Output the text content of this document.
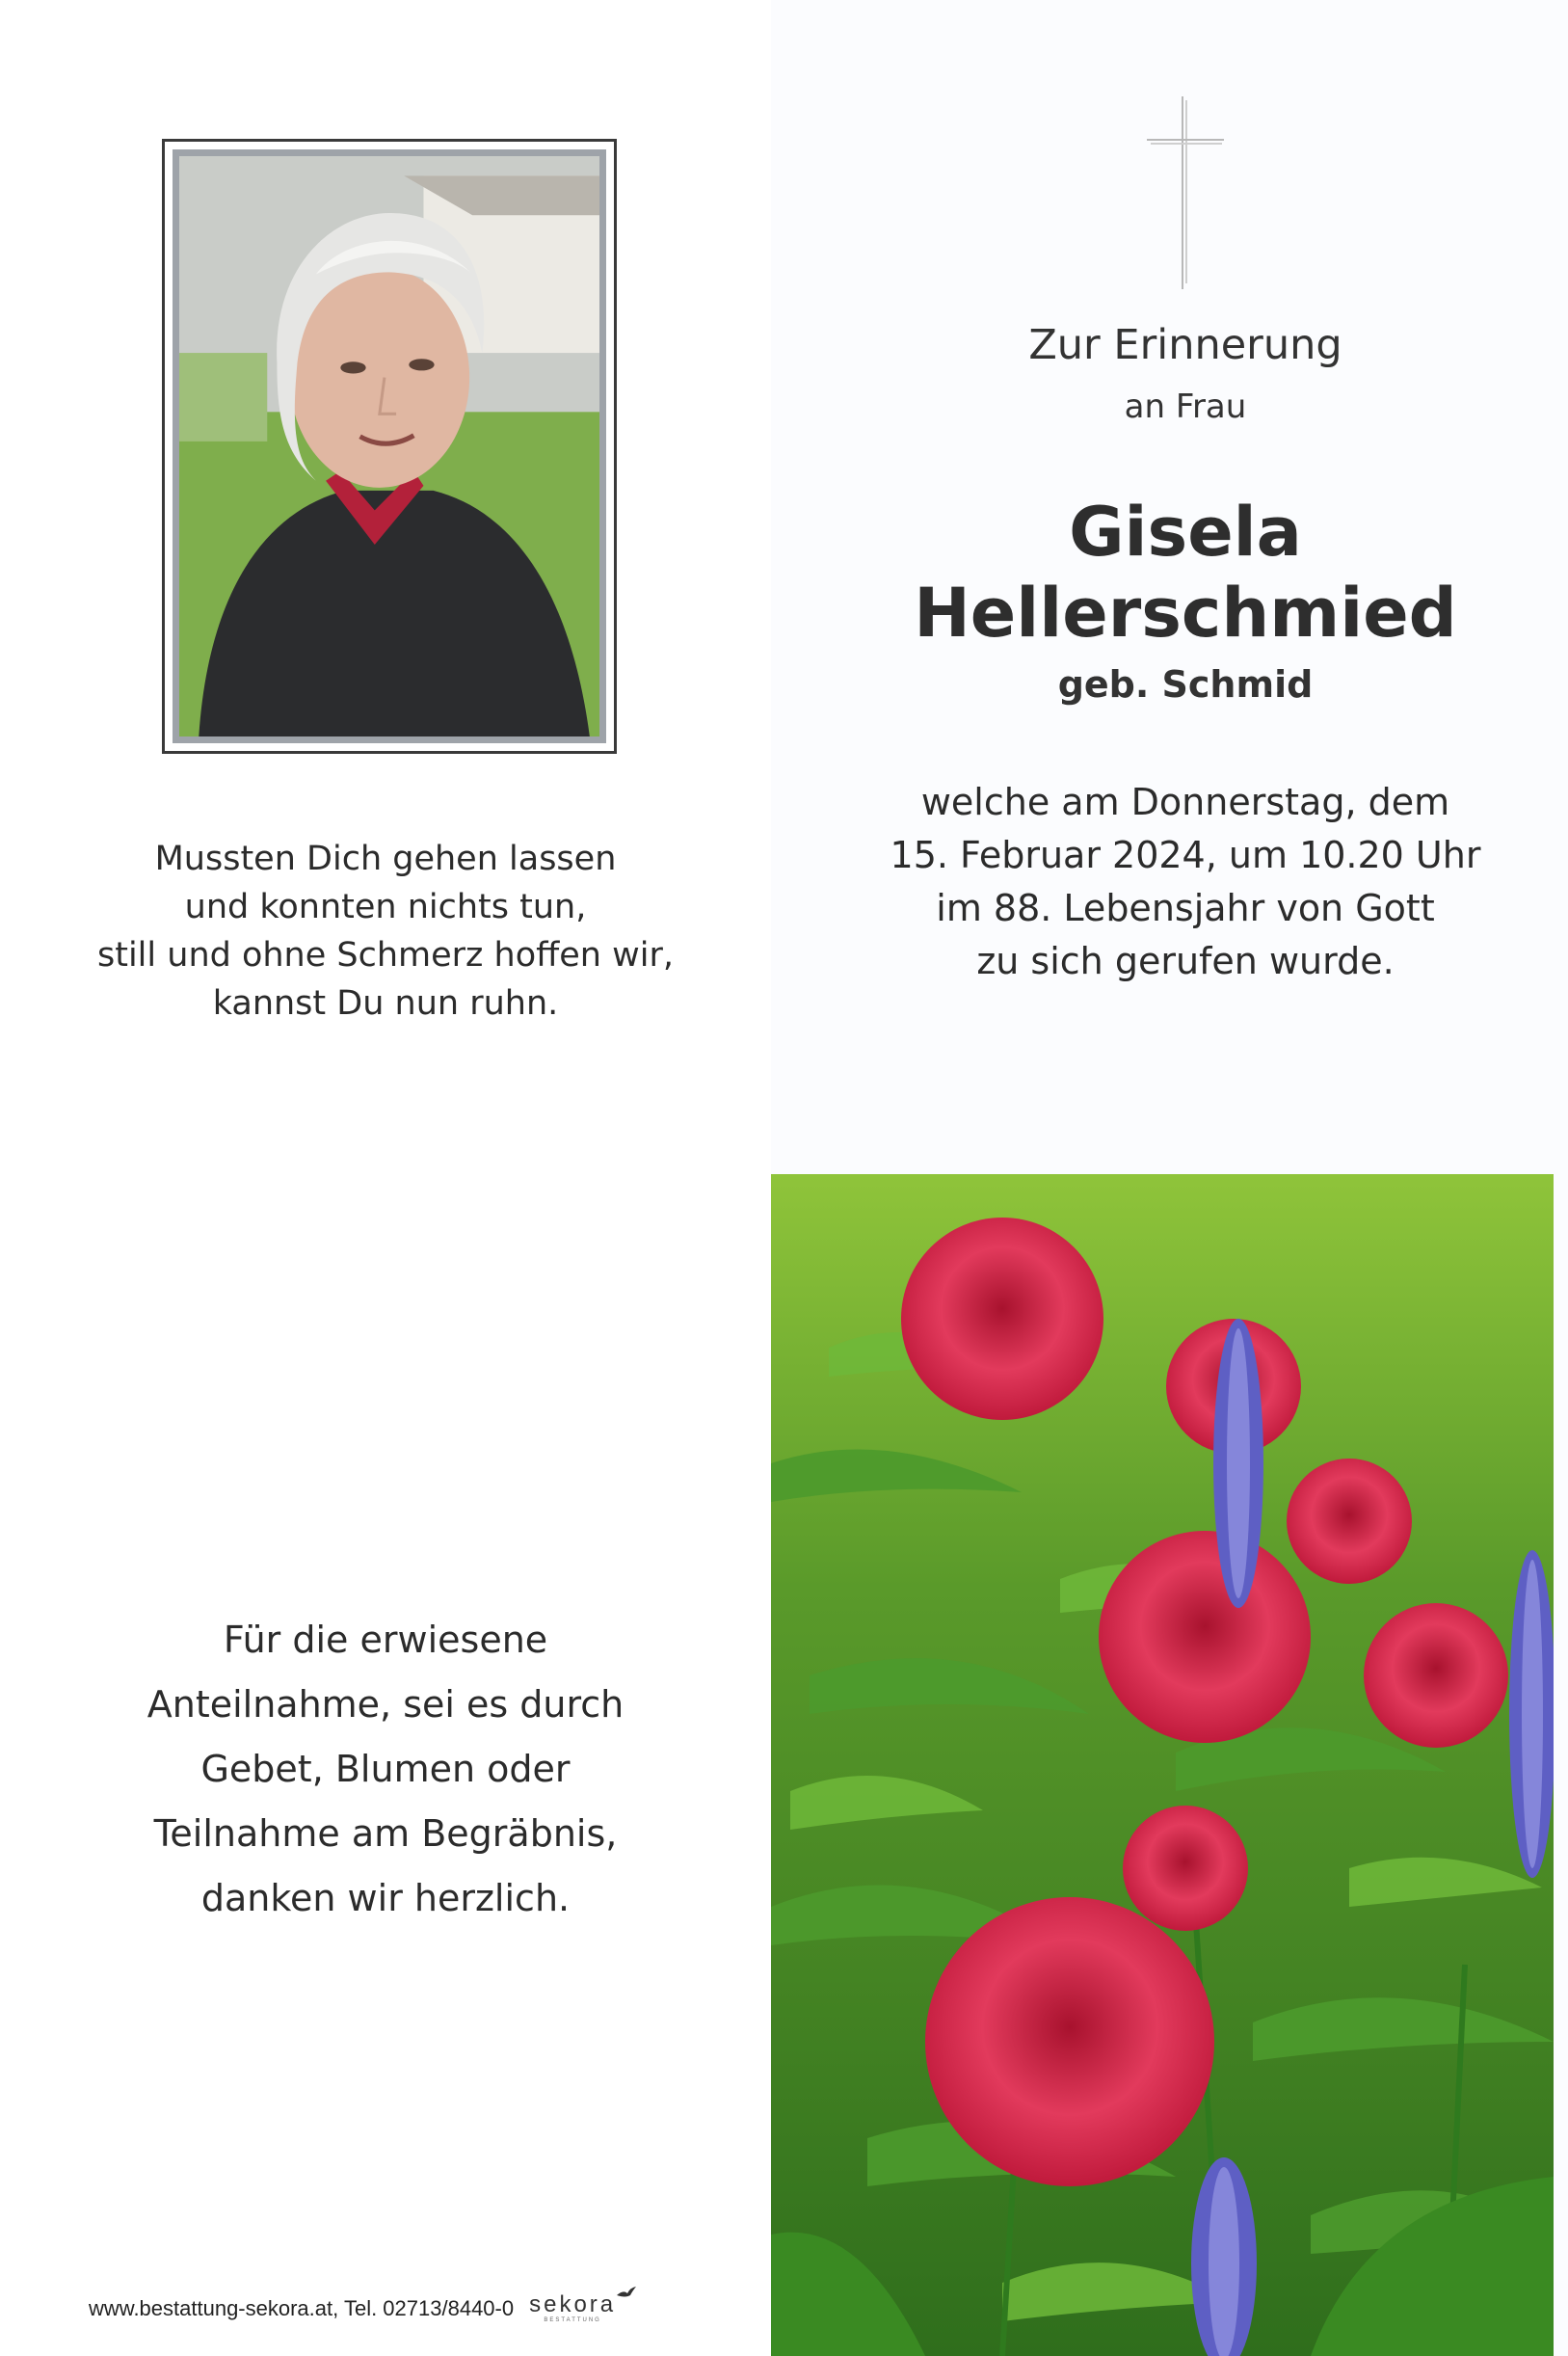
Mussten Dich gehen lassen
und konnten nichts tun,
still und ohne Schmerz hoffen wir,
kannst Du nun ruhn.
Für die erwiesene
Anteilnahme, sei es durch
Gebet, Blumen oder
Teilnahme am Begräbnis,
danken wir herzlich.
Zur Erinnerung
an Frau
Gisela
Hellerschmied
geb. Schmid
welche am Donnerstag, dem
15. Februar 2024, um 10.20 Uhr
im 88. Lebensjahr von Gott
zu sich gerufen wurde.
www.bestattung-sekora.at, Tel. 02713/8440-0 sekora
BESTATTUNG
